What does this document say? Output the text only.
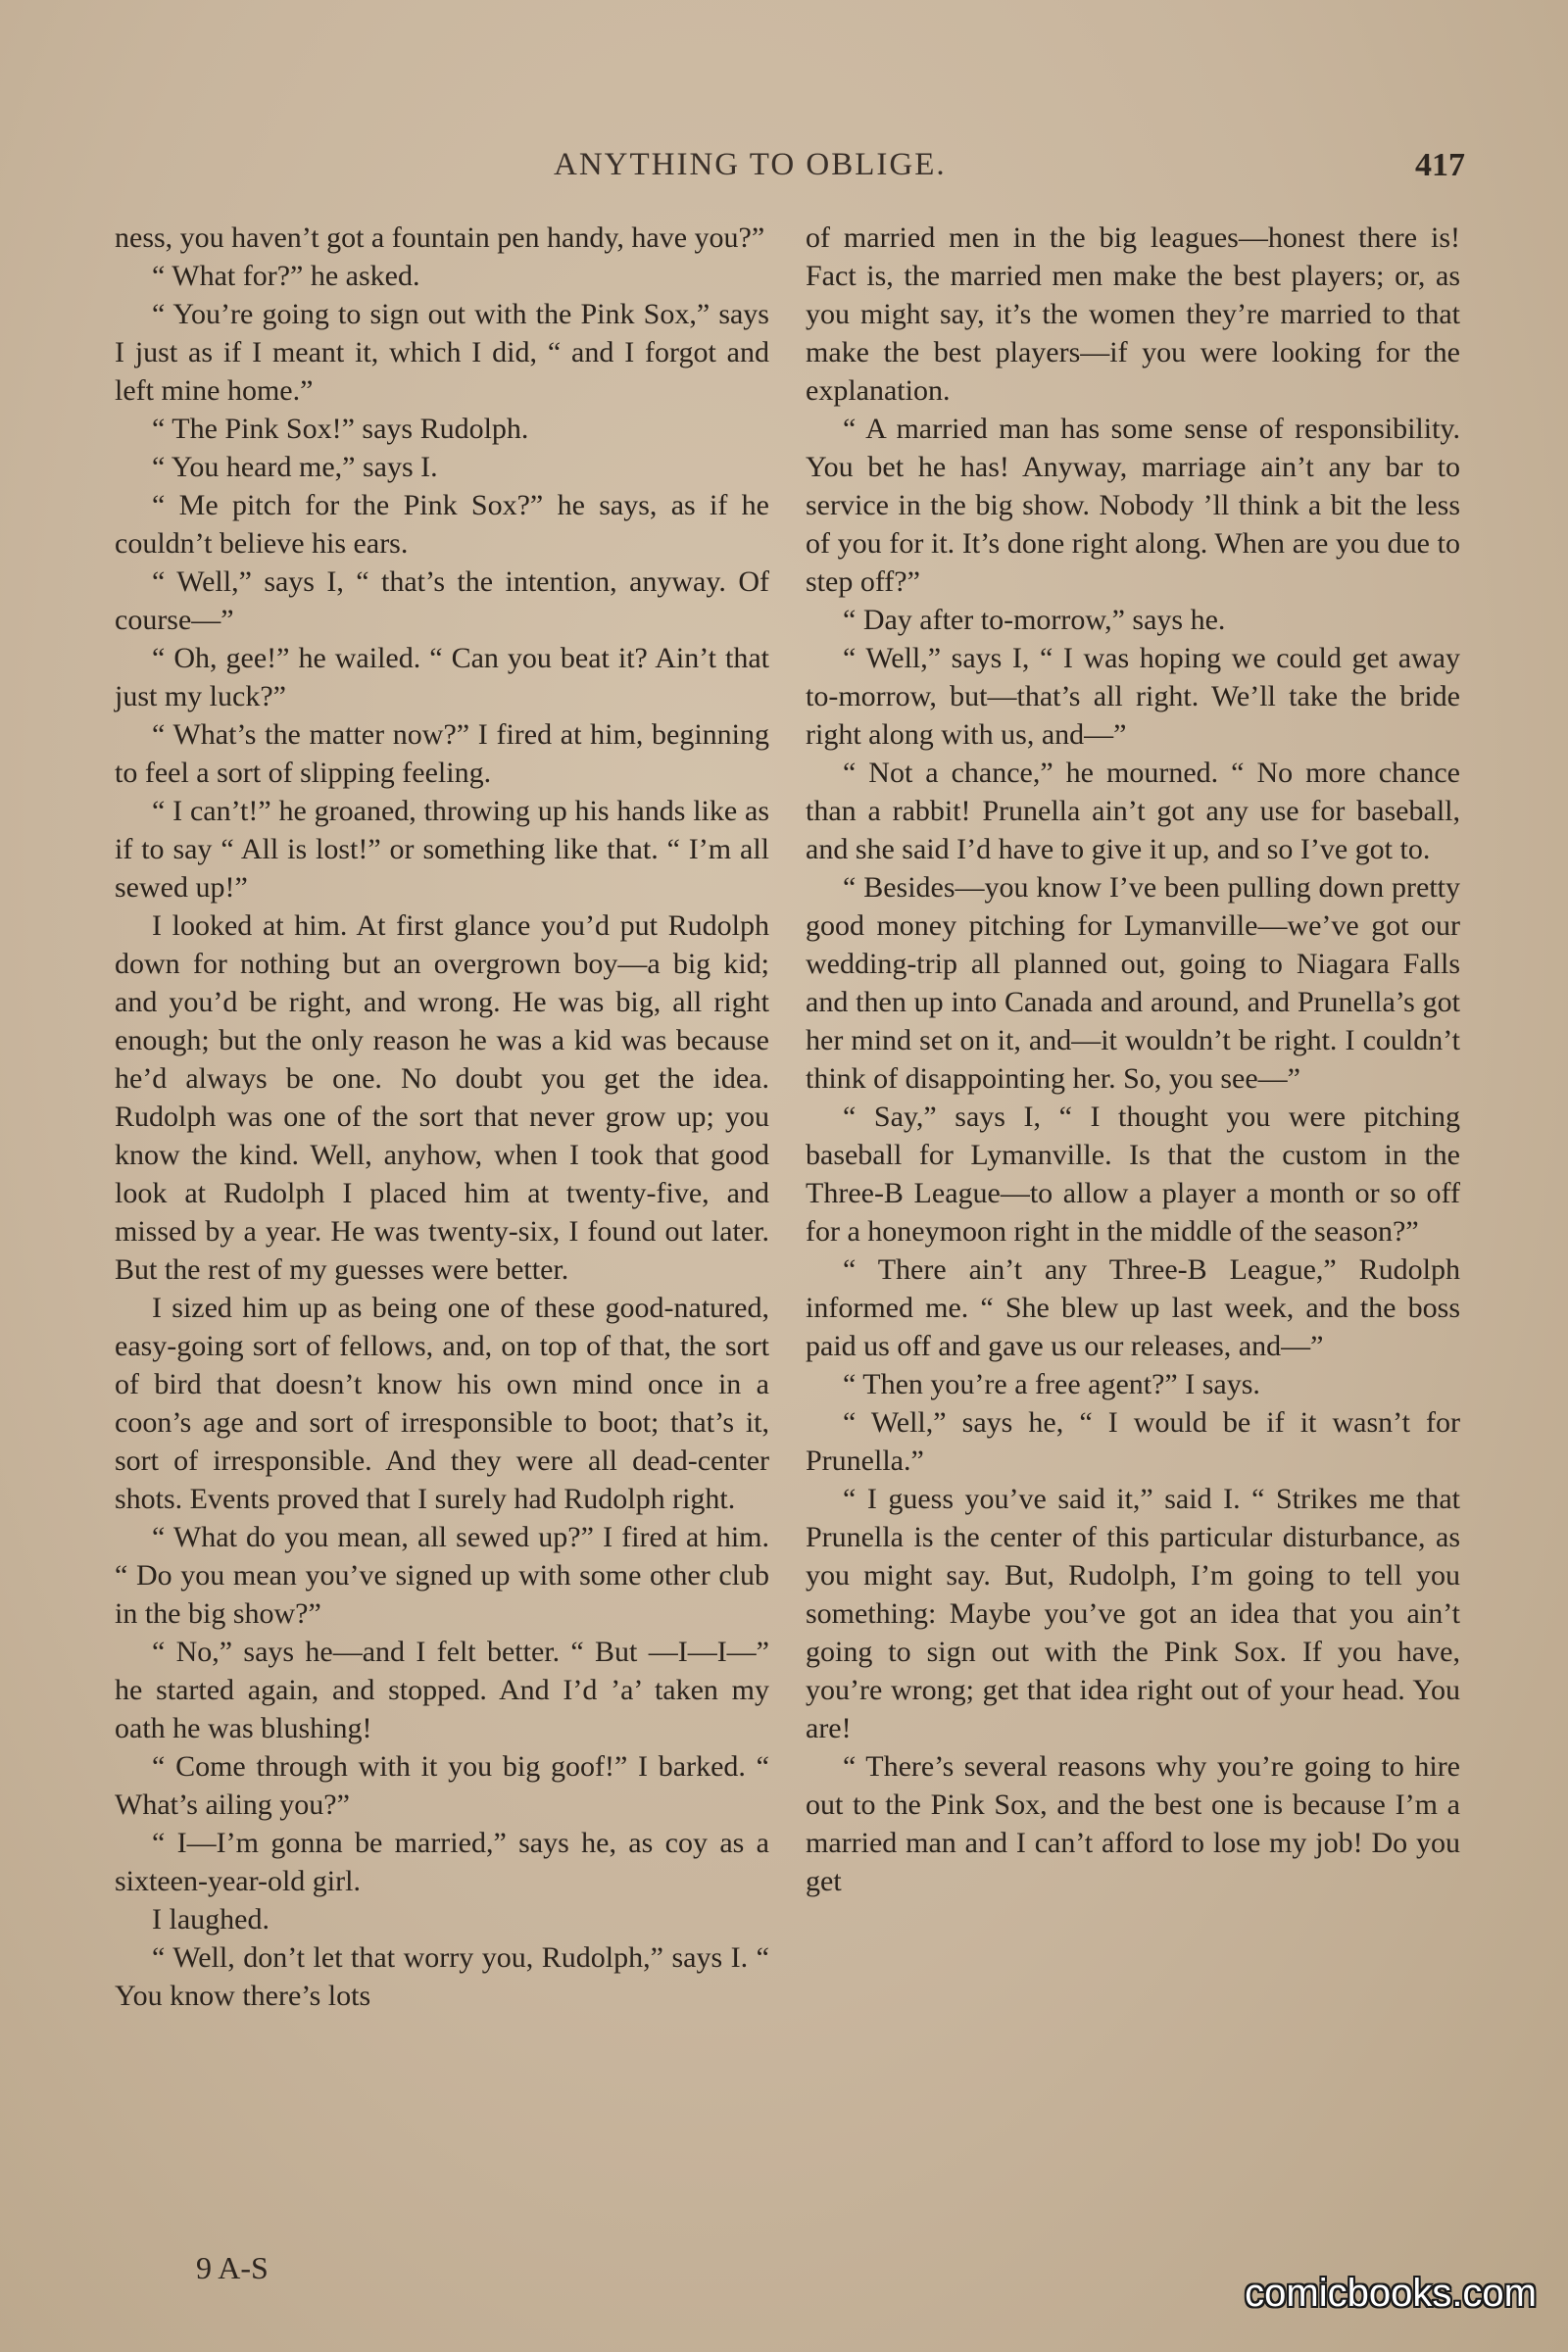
ANYTHING TO OBLIGE.	417

ness, you haven’t got a fountain pen handy, have you?”

“ What for?” he asked.

“ You’re going to sign out with the Pink Sox,” says I just as if I meant it, which I did, “ and I forgot and left mine home.”

“ The Pink Sox!” says Rudolph.

“ You heard me,” says I.

“ Me pitch for the Pink Sox?” he says, as if he couldn’t believe his ears.

“ Well,” says I, “ that’s the intention, anyway. Of course—”

“ Oh, gee!” he wailed. “ Can you beat it? Ain’t that just my luck?”

“ What’s the matter now?” I fired at him, beginning to feel a sort of slipping feeling.

“ I can’t!” he groaned, throwing up his hands like as if to say “ All is lost!” or something like that. “ I’m all sewed up!”

I looked at him. At first glance you’d put Rudolph down for nothing but an overgrown boy—a big kid; and you’d be right, and wrong. He was big, all right enough; but the only reason he was a kid was because he’d always be one. No doubt you get the idea. Rudolph was one of the sort that never grow up; you know the kind. Well, anyhow, when I took that good look at Rudolph I placed him at twenty-five, and missed by a year. He was twenty-six, I found out later. But the rest of my guesses were better.

I sized him up as being one of these good-natured, easy-going sort of fellows, and, on top of that, the sort of bird that doesn’t know his own mind once in a coon’s age and sort of irresponsible to boot; that’s it, sort of irresponsible. And they were all dead-center shots. Events proved that I surely had Rudolph right.

“ What do you mean, all sewed up?” I fired at him. “ Do you mean you’ve signed up with some other club in the big show?”

“ No,” says he—and I felt better. “ But —I—I—” he started again, and stopped. And I’d ’a’ taken my oath he was blushing!

“ Come through with it you big goof!” I barked. “ What’s ailing you?”

“ I—I’m gonna be married,” says he, as coy as a sixteen-year-old girl.

I laughed.

“ Well, don’t let that worry you, Rudolph,” says I. “ You know there’s lots

of married men in the big leagues—honest there is! Fact is, the married men make the best players; or, as you might say, it’s the women they’re married to that make the best players—if you were looking for the explanation.

“ A married man has some sense of responsibility. You bet he has! Anyway, marriage ain’t any bar to service in the big show. Nobody ’ll think a bit the less of you for it. It’s done right along. When are you due to step off?”

“ Day after to-morrow,” says he.

“ Well,” says I, “ I was hoping we could get away to-morrow, but—that’s all right. We’ll take the bride right along with us, and—”

“ Not a chance,” he mourned. “ No more chance than a rabbit! Prunella ain’t got any use for baseball, and she said I’d have to give it up, and so I’ve got to.

“ Besides—you know I’ve been pulling down pretty good money pitching for Lymanville—we’ve got our wedding-trip all planned out, going to Niagara Falls and then up into Canada and around, and Prunella’s got her mind set on it, and—it wouldn’t be right. I couldn’t think of disappointing her. So, you see—”

“ Say,” says I, “ I thought you were pitching baseball for Lymanville. Is that the custom in the Three-B League—to allow a player a month or so off for a honeymoon right in the middle of the season?”

“ There ain’t any Three-B League,” Rudolph informed me. “ She blew up last week, and the boss paid us off and gave us our releases, and—”

“ Then you’re a free agent?” I says.

“ Well,” says he, “ I would be if it wasn’t for Prunella.”

“ I guess you’ve said it,” said I. “ Strikes me that Prunella is the center of this particular disturbance, as you might say. But, Rudolph, I’m going to tell you something: Maybe you’ve got an idea that you ain’t going to sign out with the Pink Sox. If you have, you’re wrong; get that idea right out of your head. You are!

“ There’s several reasons why you’re going to hire out to the Pink Sox, and the best one is because I’m a married man and I can’t afford to lose my job! Do you get

9 A-S
comicbooks.com
